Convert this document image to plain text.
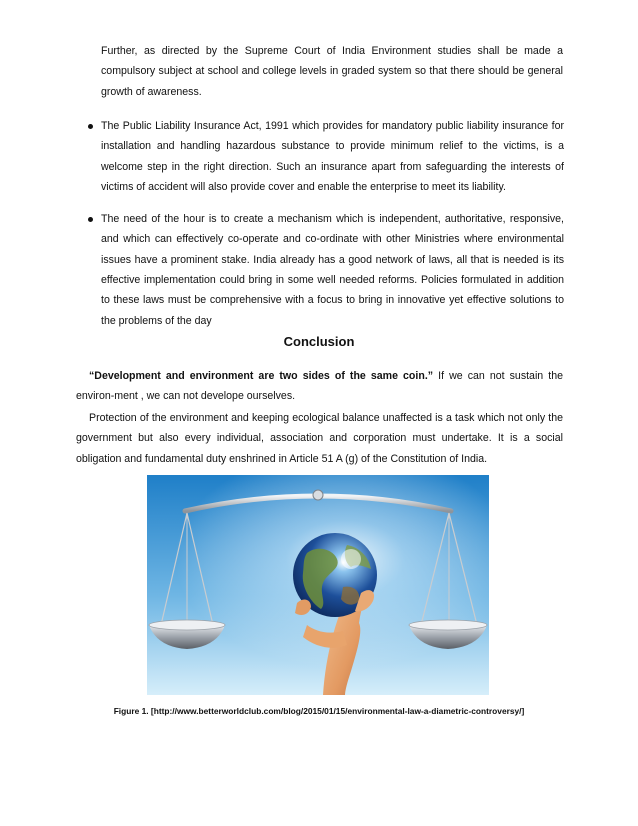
Further, as directed by the Supreme Court of India Environment studies shall be made a compulsory subject at school and college levels in graded system so that there should be general growth of awareness.

The Public Liability Insurance Act, 1991 which provides for mandatory public liability insurance for installation and handling hazardous substance to provide minimum relief to the victims, is a welcome step in the right direction. Such an insurance apart from safeguarding the interests of victims of accident will also provide cover and enable the enterprise to meet its liability.
The need of the hour is to create a mechanism which is independent, authoritative, responsive, and which can effectively co-operate and co-ordinate with other Ministries where environmental issues have a prominent stake. India already has a good network of laws, all that is needed is its effective implementation could bring in some well needed reforms. Policies formulated in addition to these laws must be comprehensive with a focus to bring in innovative yet effective solutions to the problems of the day
Conclusion

“Development and environment are two sides of the same coin.” If we can not sustain the environ-ment , we can not develope ourselves.

Protection of the environment and keeping ecological balance unaffected is a task which not only the government but also every individual, association and corporation must undertake. It is a social obligation and fundamental duty enshrined in Article 51 A (g) of the Constitution of India.

Figure 1. [http://www.betterworldclub.com/blog/2015/01/15/environmental-law-a-diametric-controversy/]
